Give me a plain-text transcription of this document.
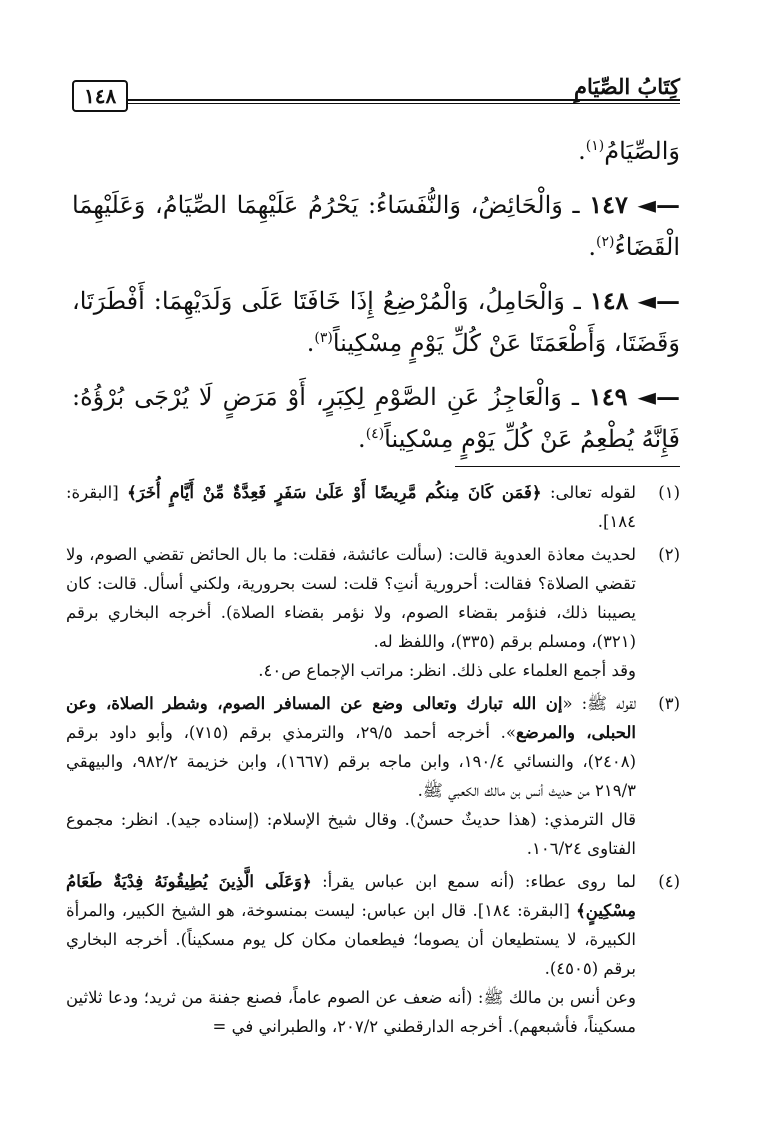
كِتَابُ الصِّيَامِ
١٤٨

وَالصِّيَامُ$^{(١)}$.

—◄ ١٤٧ ـ وَالْحَائِضُ، وَالنُّفَسَاءُ: يَحْرُمُ عَلَيْهِمَا الصِّيَامُ، وَعَلَيْهِمَا الْقَضَاءُ$^{(٢)}$.

—◄ ١٤٨ ـ وَالْحَامِلُ، وَالْمُرْضِعُ إِذَا خَافَتَا عَلَى وَلَدَيْهِمَا: أَفْطَرَتَا، وَقَضَتَا، وَأَطْعَمَتَا عَنْ كُلِّ يَوْمٍ مِسْكِيناً$^{(٣)}$.

—◄ ١٤٩ ـ وَالْعَاجِزُ عَنِ الصَّوْمِ لِكِبَرٍ، أَوْ مَرَضٍ لَا يُرْجَى بُرْؤُهُ: فَإِنَّهُ يُطْعِمُ عَنْ كُلِّ يَوْمٍ مِسْكِيناً$^{(٤)}$.

(١)

لقوله تعالى: ﴿فَمَن كَانَ مِنكُم مَّرِيضًا أَوْ عَلَىٰ سَفَرٍ فَعِدَّةٌ مِّنْ أَيَّامٍ أُخَرَ﴾ [البقرة: ١٨٤].

(٢)

لحديث معاذة العدوية قالت: (سألت عائشة، فقلت: ما بال الحائض تقضي الصوم، ولا تقضي الصلاة؟ فقالت: أحرورية أنتِ؟ قلت: لست بحرورية، ولكني أسأل. قالت: كان يصيبنا ذلك، فنؤمر بقضاء الصوم، ولا نؤمر بقضاء الصلاة). أخرجه البخاري برقم (٣٢١)، ومسلم برقم (٣٣٥)، واللفظ له.

وقد أجمع العلماء على ذلك. انظر: مراتب الإجماع ص٤٠.

(٣)

لقوله ﷺ: «إن الله تبارك وتعالى وضع عن المسافر الصوم، وشطر الصلاة، وعن الحبلى، والمرضع». أخرجه أحمد ٢٩/٥، والترمذي برقم (٧١٥)، وأبو داود برقم (٢٤٠٨)، والنسائي ١٩٠/٤، وابن ماجه برقم (١٦٦٧)، وابن خزيمة ٩٨٢/٢، والبيهقي ٢١٩/٣ من حديث أنس بن مالك الكعبي ﷺ.

قال الترمذي: (هذا حديثٌ حسنٌ). وقال شيخ الإسلام: (إسناده جيد). انظر: مجموع الفتاوى ١٠٦/٢٤.

(٤)

لما روى عطاء: (أنه سمع ابن عباس يقرأ: ﴿وَعَلَى الَّذِينَ يُطِيقُونَهُ فِدْيَةٌ طَعَامُ مِسْكِينٍ﴾ [البقرة: ١٨٤]. قال ابن عباس: ليست بمنسوخة، هو الشيخ الكبير، والمرأة الكبيرة، لا يستطيعان أن يصوما؛ فيطعمان مكان كل يوم مسكيناً). أخرجه البخاري برقم (٤٥٠٥).

وعن أنس بن مالك ﷺ: (أنه ضعف عن الصوم عاماً، فصنع جفنة من ثريد؛ ودعا ثلاثين مسكيناً، فأشبعهم). أخرجه الدارقطني ٢٠٧/٢، والطبراني في =
